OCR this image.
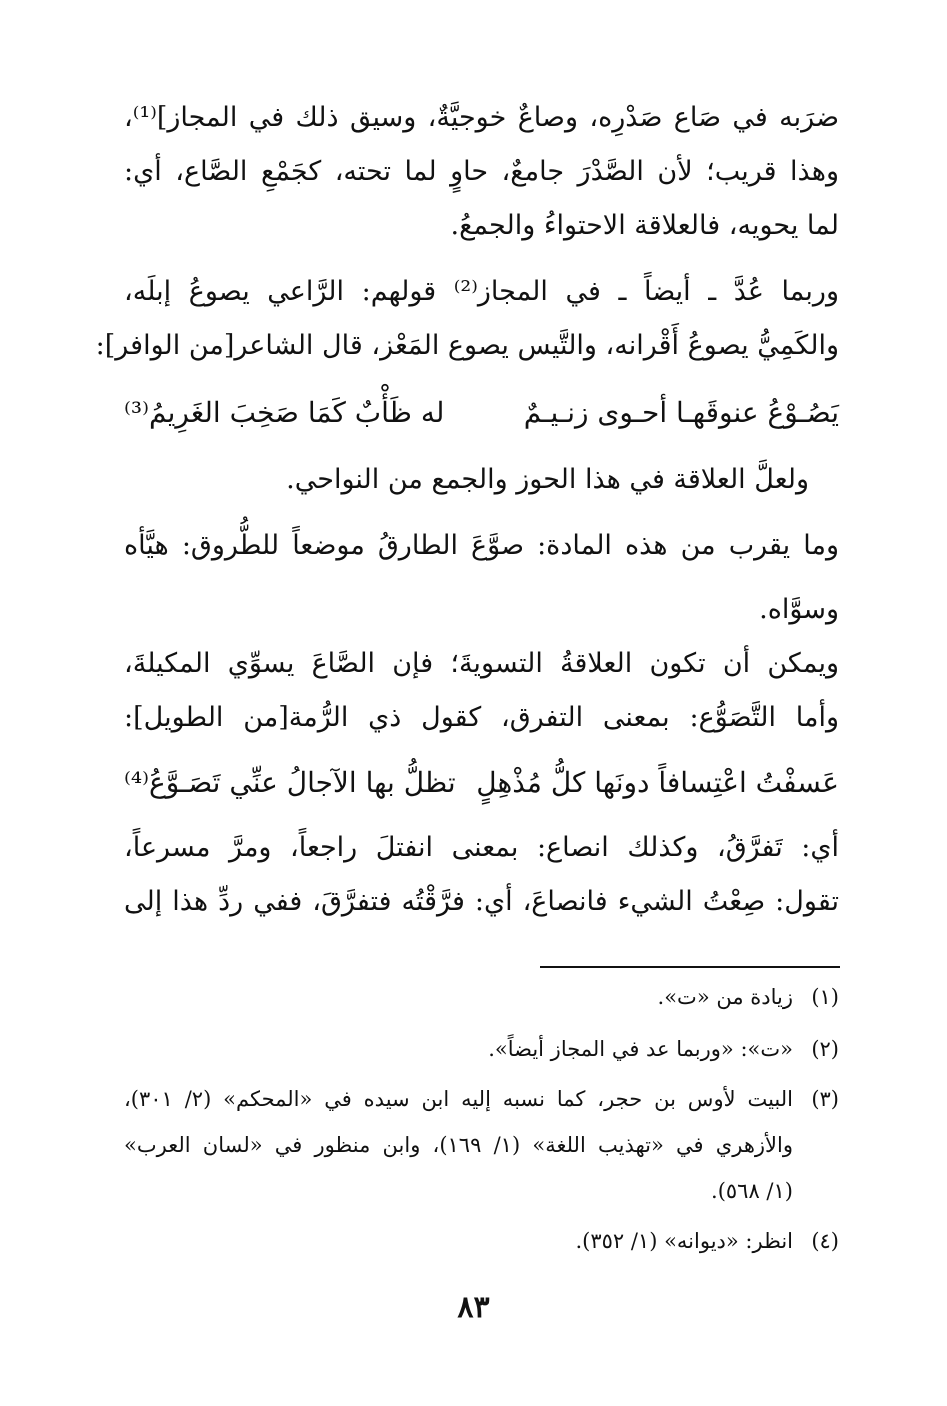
ضرَبه في صَاع صَدْرِه، وصاعٌ خوجيَّةٌ، وسيق ذلك في المجاز]⁽¹⁾،
وهذا قريب؛ لأن الصَّدْرَ جامعٌ، حاوٍ لما تحته، كجَمْعِ الصَّاع، أي:
لما يحويه، فالعلاقة الاحتواءُ والجمعُ.
وربما عُدَّ ـ أيضاً ـ في المجاز⁽²⁾ قولهم: الرَّاعي يصوعُ إبلَه،
والكَمِيُّ يصوعُ أَقْرانه، والتَّيس يصوع المَعْز، قال الشاعر[من الوافر]:
يَصُـوْعُ عنوقَهـا أحـوى زنـيـمٌ
له ظَأْبٌ كَمَا صَخِبَ الغَرِيمُ⁽³⁾
ولعلَّ العلاقة في هذا الحوز والجمع من النواحي.
وما يقرب من هذه المادة: صوَّعَ الطارقُ موضعاً للطُّروق: هيَّأه
وسوَّاه.
ويمكن أن تكون العلاقةُ التسويةَ؛ فإن الصَّاعَ يسوِّي المكيلةَ،
وأما التَّصَوُّع: بمعنى التفرق، كقول ذي الرُّمة[من الطويل]:
عَسفْتُ اعْتِسافاً دونَها كلُّ مُذْهِلٍ
تظلُّ بها الآجالُ عنِّي تَصَـوَّعُ⁽⁴⁾
أي: تَفرَّقُ، وكذلك انصاع: بمعنى انفتلَ راجعاً، ومرَّ مسرعاً،
تقول: صِعْتُ الشيء فانصاعَ، أي: فرَّقْتُه فتفرَّقَ، ففي ردِّ هذا إلى
(١)
زيادة من «ت».
(٢)
«ت»: «وربما عد في المجاز أيضاً».
(٣)
البيت لأوس بن حجر، كما نسبه إليه ابن سيده في «المحكم» (٢/ ٣٠١)،
والأزهري في «تهذيب اللغة» (١/ ١٦٩)، وابن منظور في «لسان العرب»
(١/ ٥٦٨).
(٤)
انظر: «ديوانه» (١/ ٣٥٢).
٨٣
